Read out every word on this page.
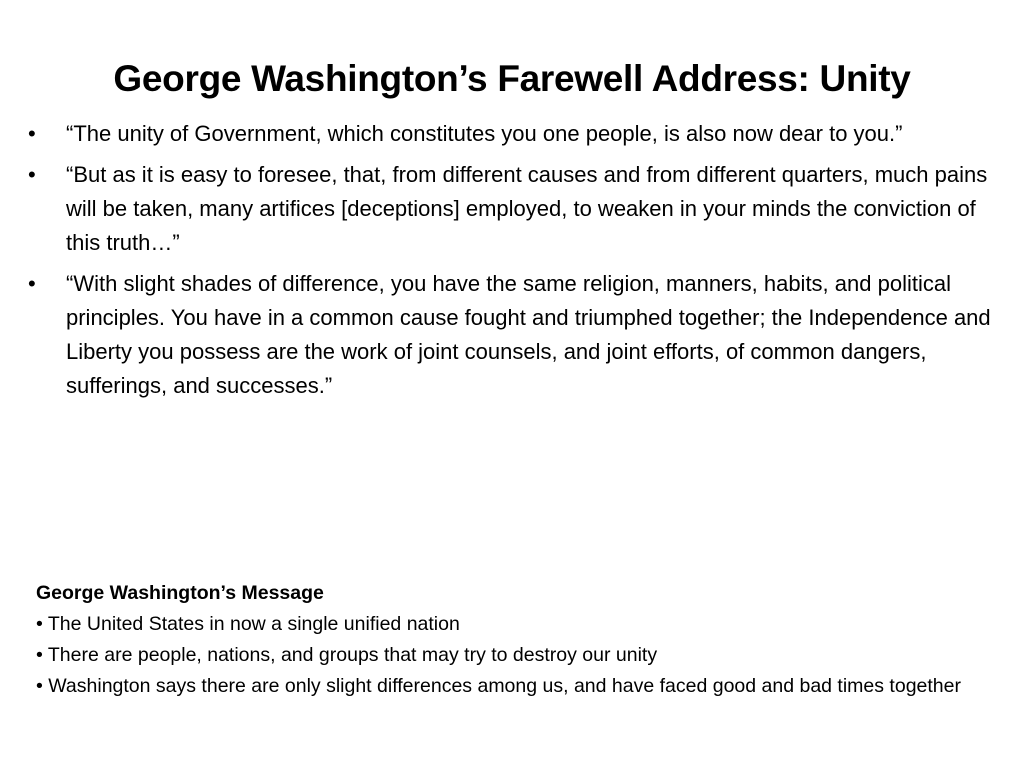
George Washington’s Farewell Address: Unity
•	“The unity of Government, which constitutes you one people, is also now dear to you.”
•	“But as it is easy to foresee, that, from different causes and from different quarters, much pains will be taken, many artifices [deceptions] employed, to weaken in your minds the conviction of this truth…”
•	“With slight shades of difference, you have the same religion, manners, habits, and political principles. You have in a common cause fought and triumphed together; the Independence and Liberty you possess are the work of joint counsels, and joint efforts, of common dangers, sufferings, and successes.”

George Washington’s Message

• The United States in now a single unified nation
• There are people, nations, and groups that may try to destroy our unity
• Washington says there are only slight differences among us, and have faced good and bad times together
